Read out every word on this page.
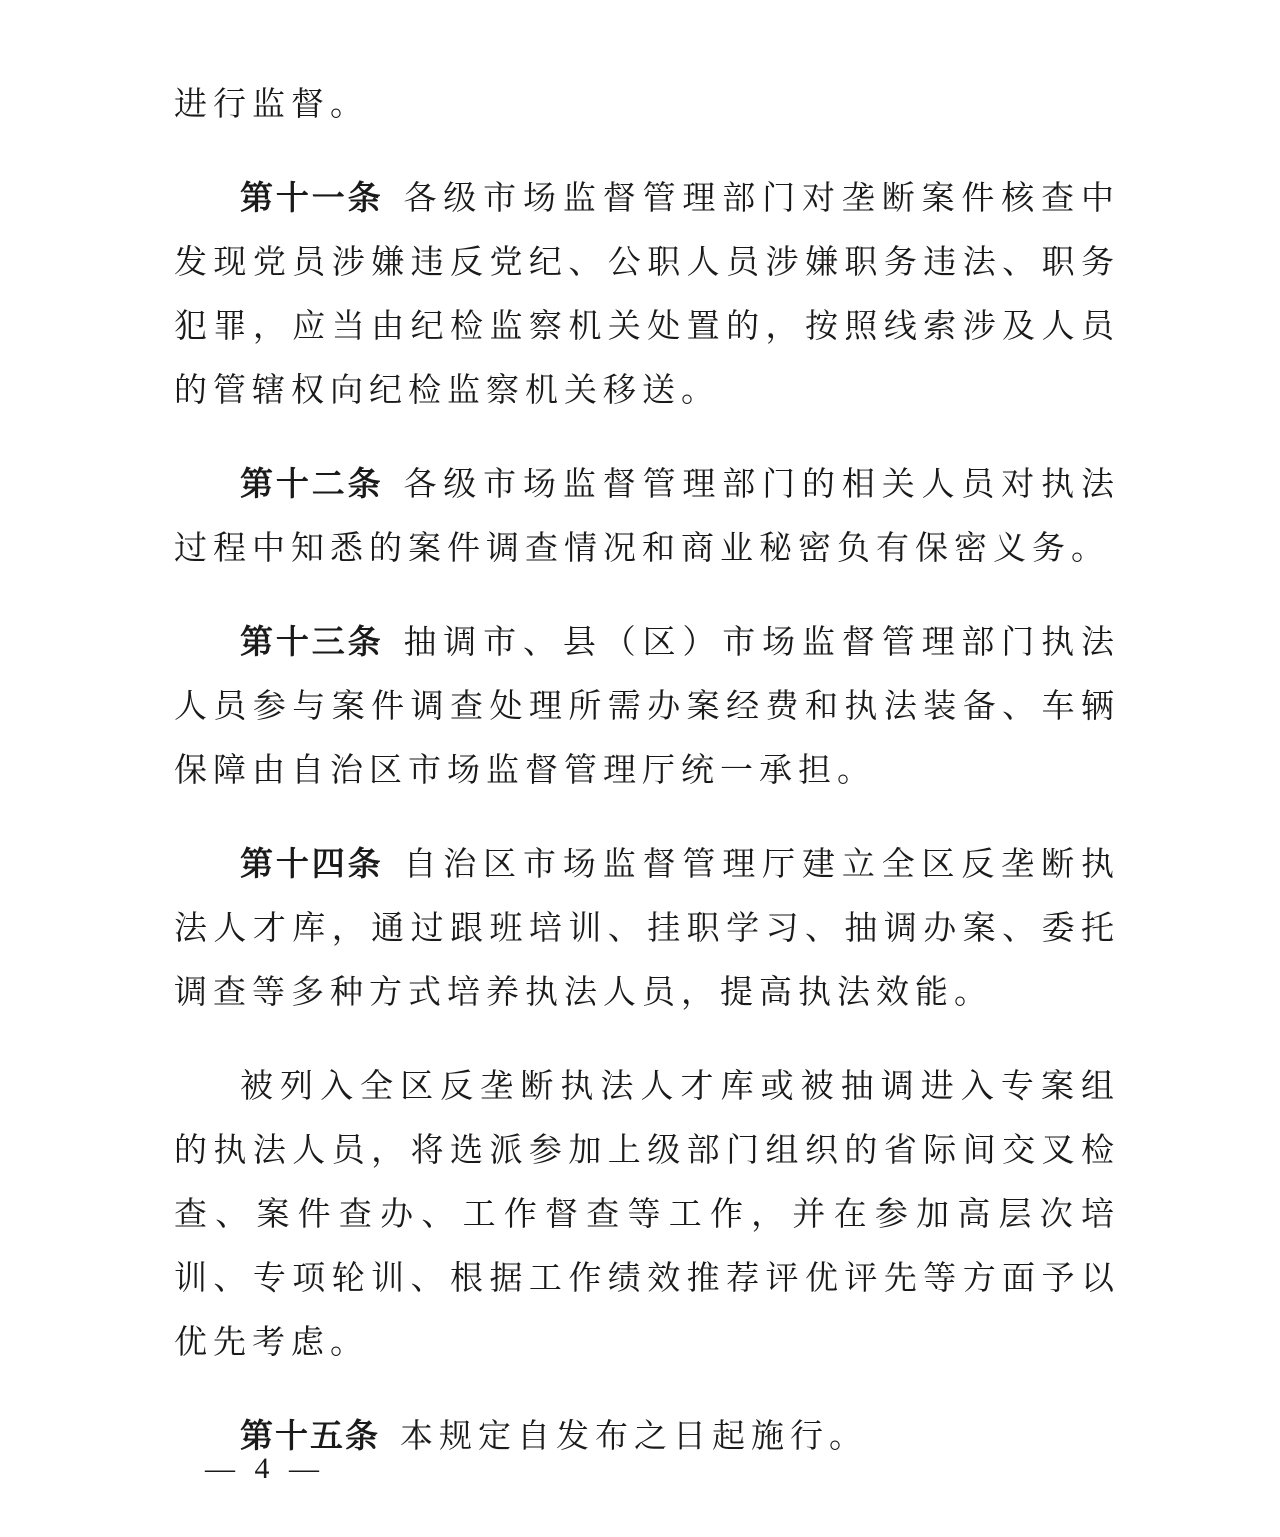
进行监督。

第十一条 各级市场监督管理部门对垄断案件核查中发现党员涉嫌违反党纪、公职人员涉嫌职务违法、职务犯罪，应当由纪检监察机关处置的，按照线索涉及人员的管辖权向纪检监察机关移送。

第十二条 各级市场监督管理部门的相关人员对执法过程中知悉的案件调查情况和商业秘密负有保密义务。

第十三条 抽调市、县（区）市场监督管理部门执法人员参与案件调查处理所需办案经费和执法装备、车辆保障由自治区市场监督管理厅统一承担。

第十四条 自治区市场监督管理厅建立全区反垄断执法人才库，通过跟班培训、挂职学习、抽调办案、委托调查等多种方式培养执法人员，提高执法效能。

被列入全区反垄断执法人才库或被抽调进入专案组的执法人员，将选派参加上级部门组织的省际间交叉检查、案件查办、工作督查等工作，并在参加高层次培训、专项轮训、根据工作绩效推荐评优评先等方面予以优先考虑。

第十五条 本规定自发布之日起施行。

— 4 —
